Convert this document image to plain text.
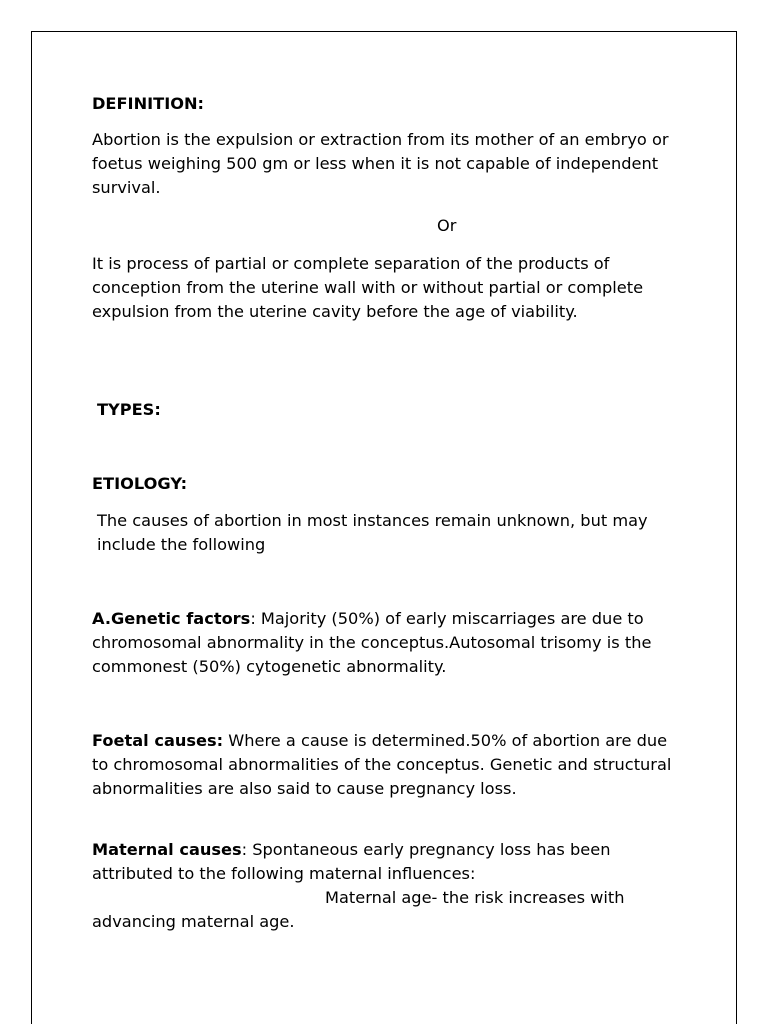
DEFINITION:

Abortion is the expulsion or extraction from its mother of an embryo or foetus weighing 500 gm or less when it is not capable of independent survival.

Or

It is process of partial or complete separation of the products of conception from the uterine wall with or without partial or complete expulsion from the uterine cavity before the age of viability.

TYPES:
ETIOLOGY:

The causes of abortion in most instances remain unknown, but may include the following

A.Genetic factors: Majority (50%) of early miscarriages are due to chromosomal abnormality in the conceptus.Autosomal trisomy is the commonest (50%) cytogenetic abnormality.

Foetal causes: Where a cause is determined.50% of abortion are due to chromosomal abnormalities of the conceptus. Genetic and structural abnormalities are also said to cause pregnancy loss.

Maternal causes: Spontaneous early pregnancy loss has been attributed to the following maternal influences:
Maternal age- the risk increases with advancing maternal age.
